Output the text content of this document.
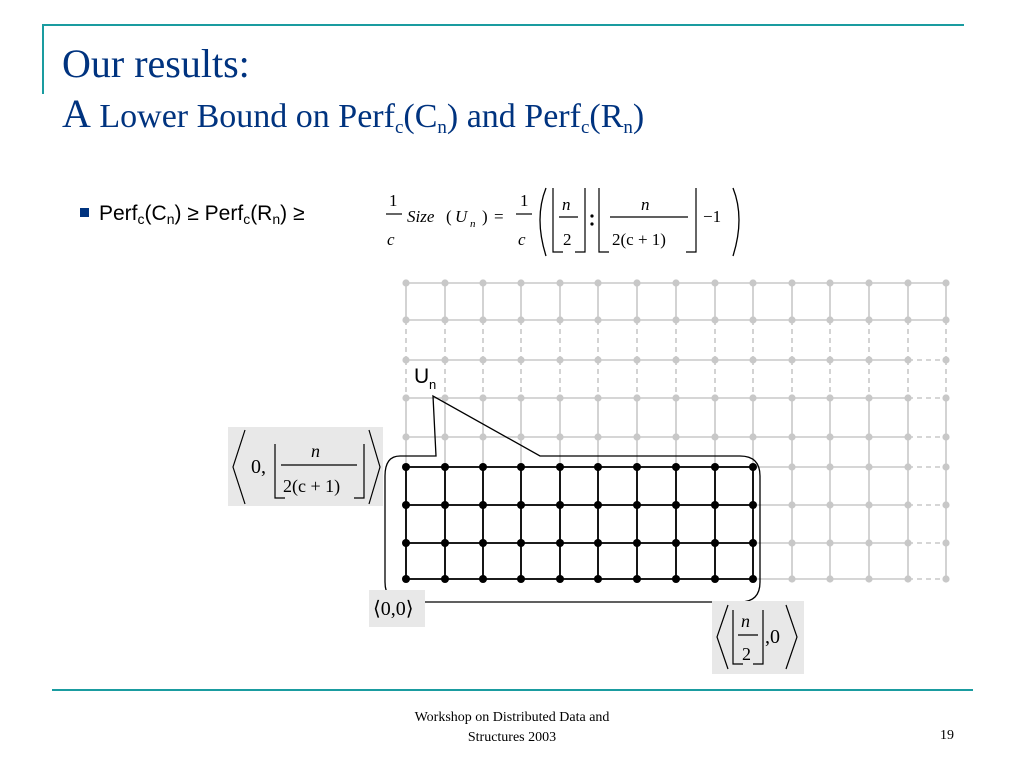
Our results:
A Lower Bound on $Perf_c(C_n)$ and $Perf_c(R_n)$
$Perf_c(C_n)$ ≥ $Perf_c(R_n)$ ≥
1
c
Size ( U n ) =
1
c
n
2
n
2(c + 1)
−1
U n
0,
n
2(c + 1)
⟨0,0⟩
n
2
,0
Workshop on Distributed Data and
Structures 2003	19
